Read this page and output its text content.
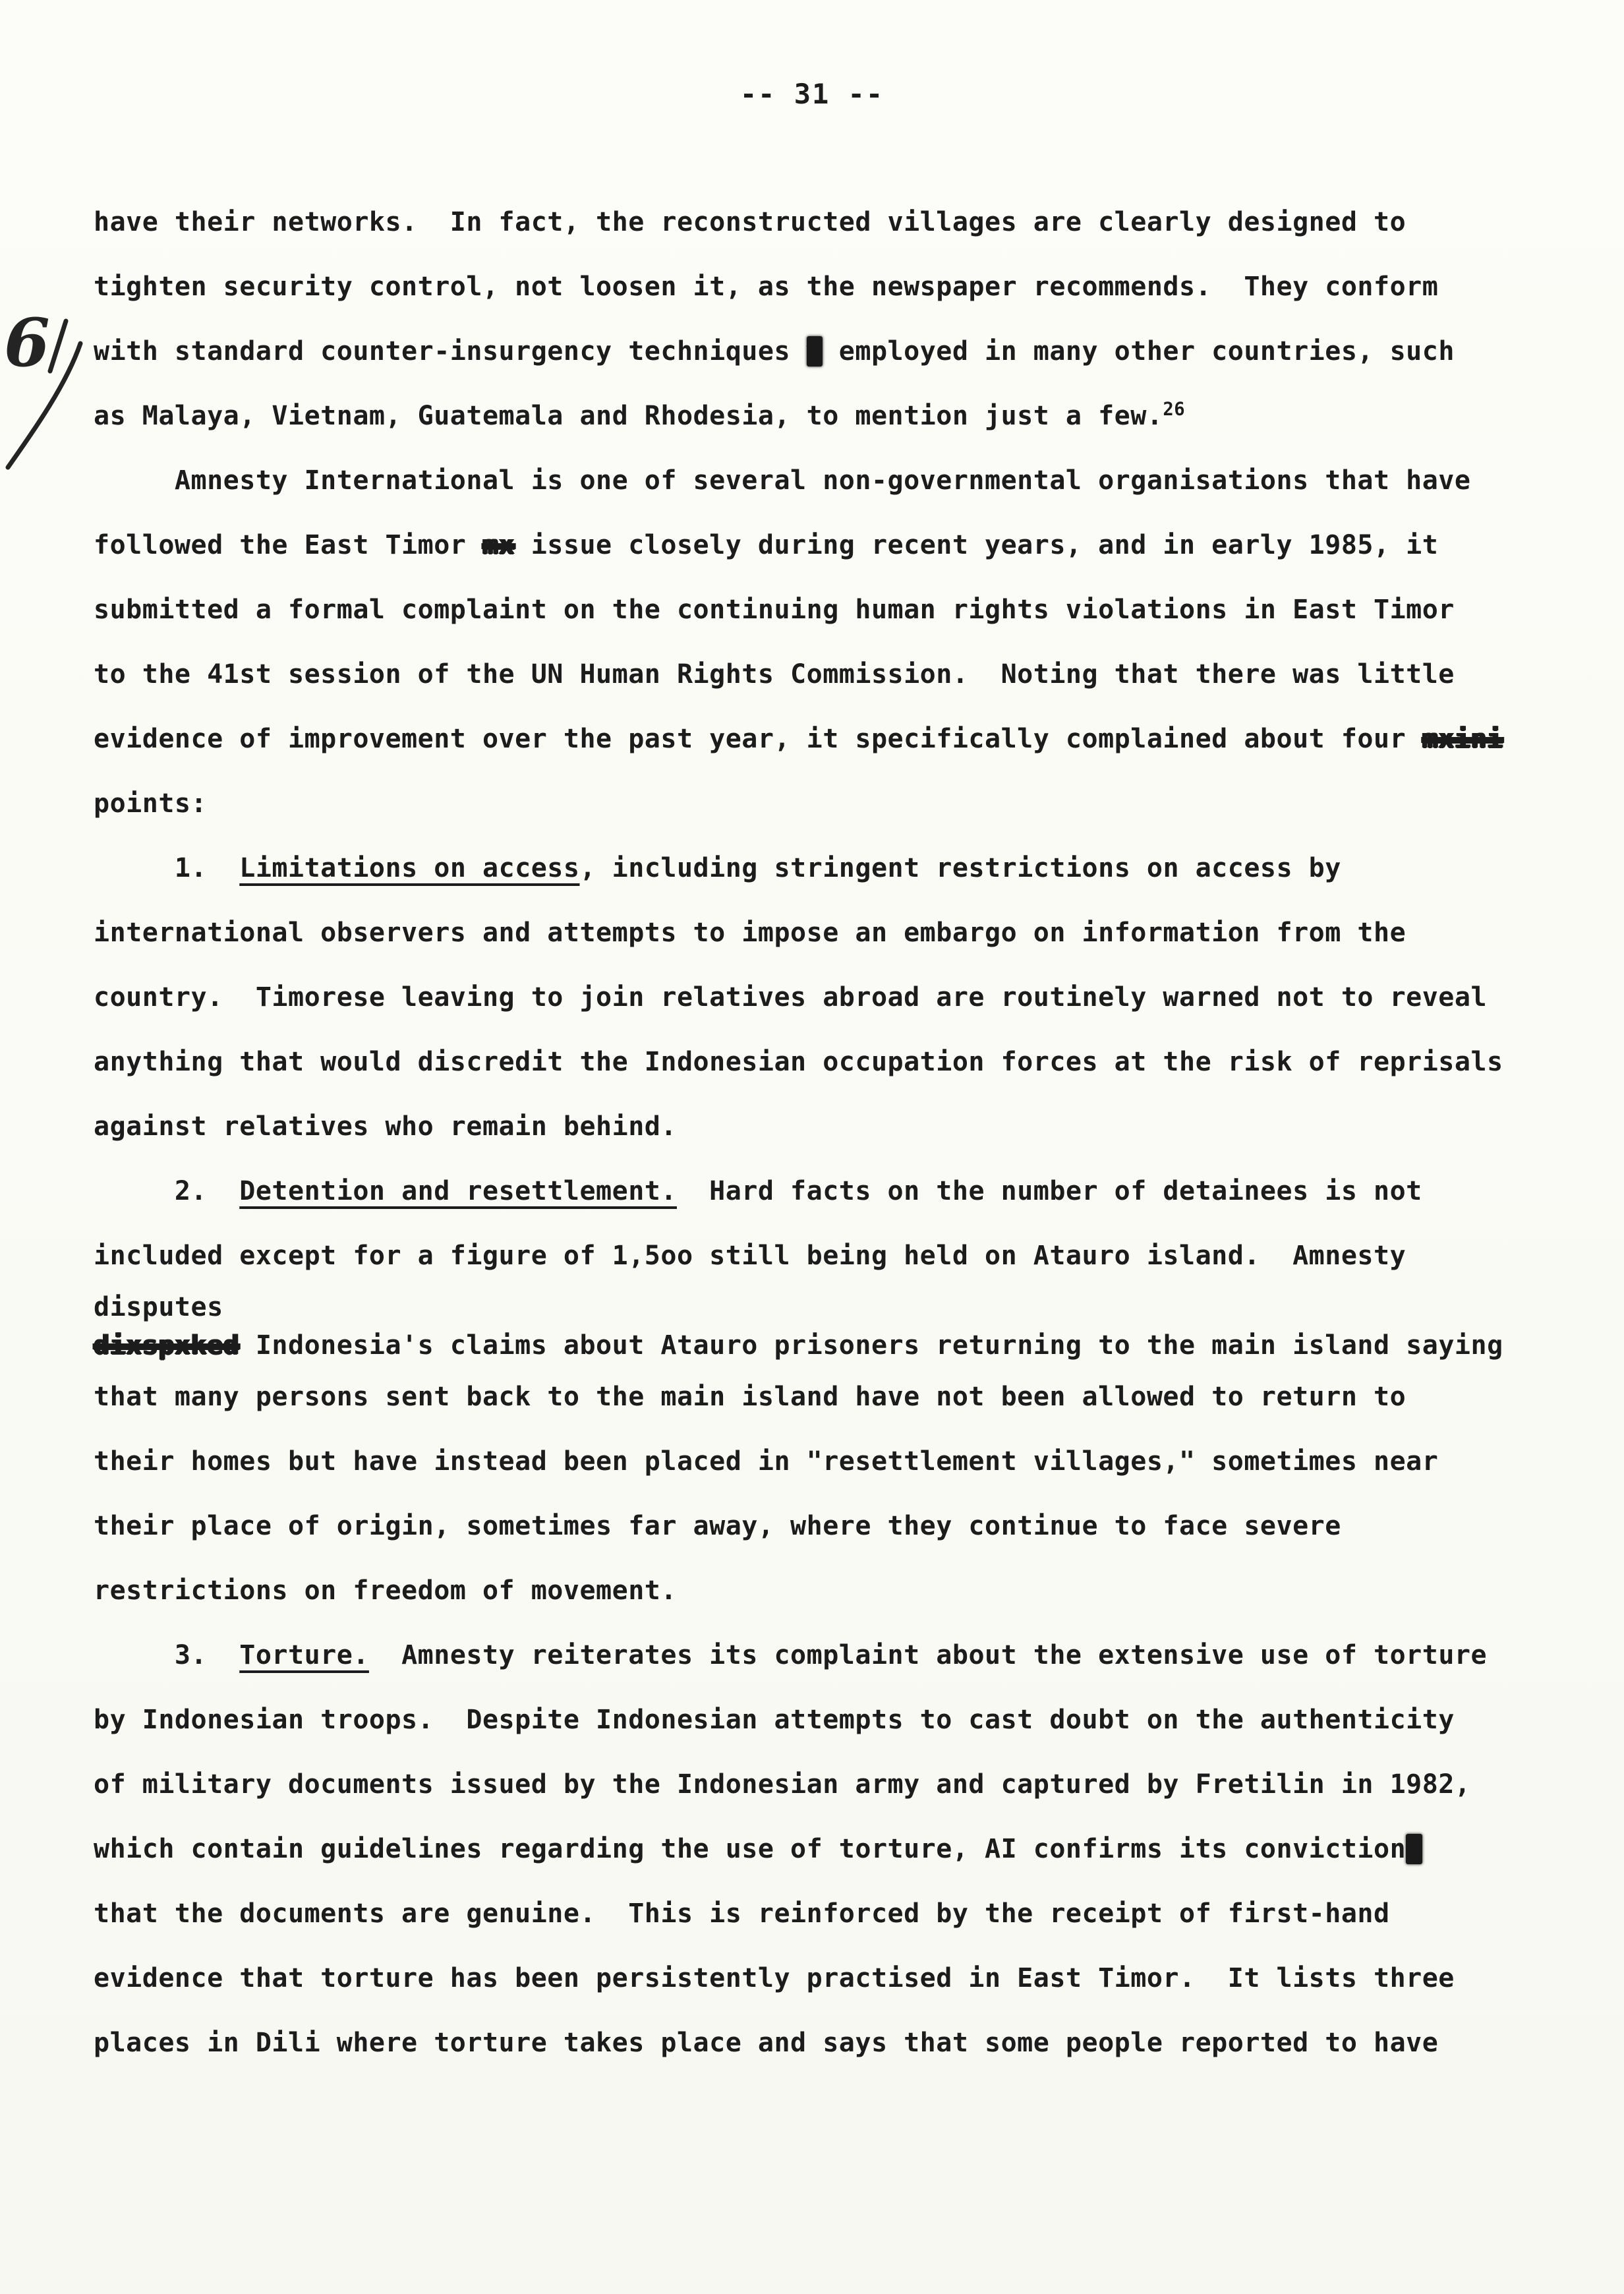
-- 31 --
6
have their networks.  In fact, the reconstructed villages are clearly designed to
tighten security control, not loosen it, as the newspaper recommends.  They conform
with standard counter-insurgency techniques w employed in many other countries, such
as Malaya, Vietnam, Guatemala and Rhodesia, to mention just a few.$^{26}$
Amnesty International is one of several non-governmental organisations that have
followed the East Timor mx issue closely during recent years, and in early 1985, it
submitted a formal complaint on the continuing human rights violations in East Timor
to the 41st session of the UN Human Rights Commission.  Noting that there was little
evidence of improvement over the past year, it specifically complained about four mxini
points:
1.  Limitations on access, including stringent restrictions on access by
international observers and attempts to impose an embargo on information from the
country.  Timorese leaving to join relatives abroad are routinely warned not to reveal
anything that would discredit the Indonesian occupation forces at the risk of reprisals
against relatives who remain behind.
2.  Detention and resettlement.  Hard facts on the number of detainees is not
included except for a figure of 1,5oo still being held on Atauro island.  Amnesty
disputes
dixspxked Indonesia's claims about Atauro prisoners returning to the main island saying
that many persons sent back to the main island have not been allowed to return to
their homes but have instead been placed in "resettlement villages," sometimes near
their place of origin, sometimes far away, where they continue to face severe
restrictions on freedom of movement.
3.  Torture.  Amnesty reiterates its complaint about the extensive use of torture
by Indonesian troops.  Despite Indonesian attempts to cast doubt on the authenticity
of military documents issued by the Indonesian army and captured by Fretilin in 1982,
which contain guidelines regarding the use of torture, AI confirms its convictions
that the documents are genuine.  This is reinforced by the receipt of first-hand
evidence that torture has been persistently practised in East Timor.  It lists three
places in Dili where torture takes place and says that some people reported to have
